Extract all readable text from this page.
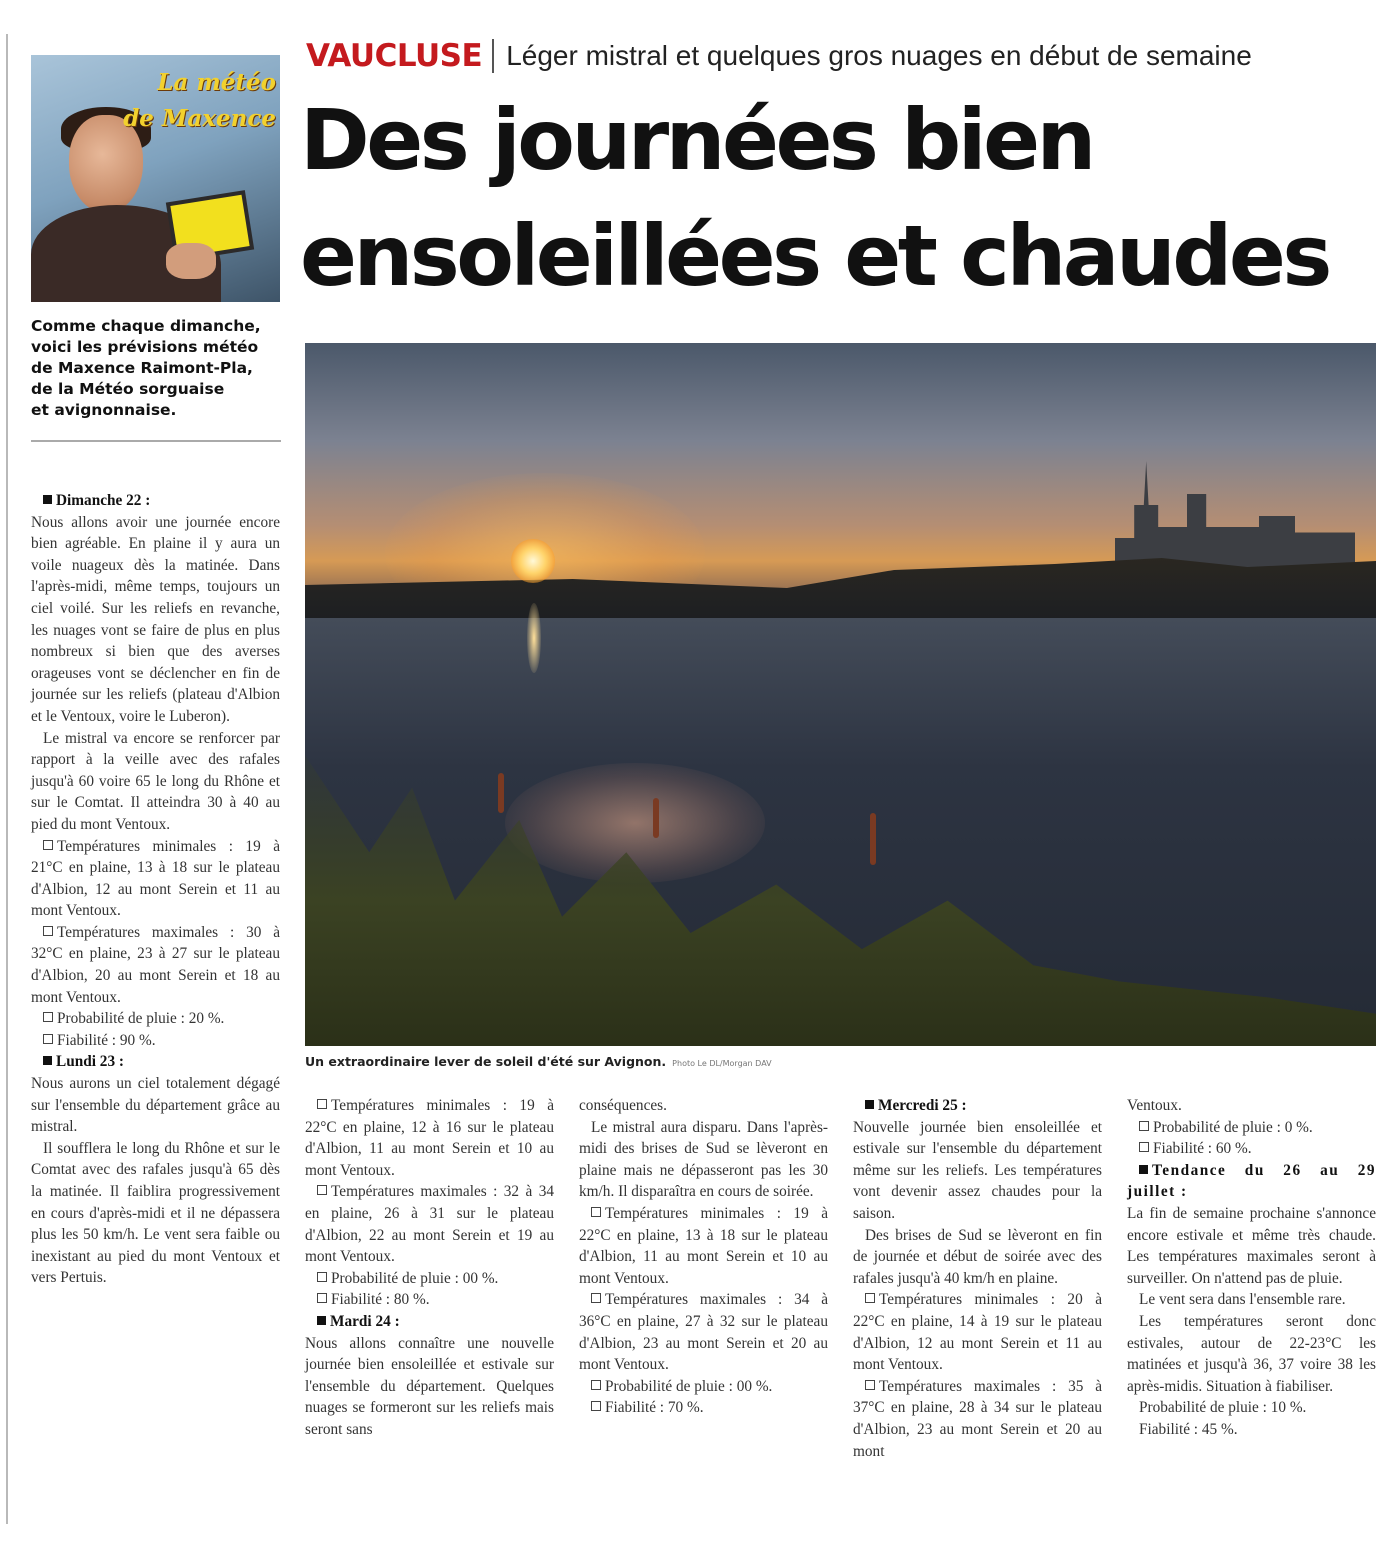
La météo
de Maxence

Comme chaque dimanche,
voici les prévisions météo
de Maxence Raimont-Pla,
de la Météo sorguaise
et avignonnaise.

VAUCLUSE Léger mistral et quelques gros nuages en début de semaine
Des journées bien
ensoleillées et chaudes

Un extraordinaire lever de soleil d'été sur Avignon. Photo Le DL/Morgan DAV

Dimanche 22 :

Nous allons avoir une journée encore bien agréable. En plaine il y aura un voile nuageux dès la matinée. Dans l'après-midi, même temps, toujours un ciel voilé. Sur les reliefs en revanche, les nuages vont se faire de plus en plus nombreux si bien que des averses orageuses vont se déclencher en fin de journée sur les reliefs (plateau d'Albion et le Ventoux, voire le Luberon).

Le mistral va encore se renforcer par rapport à la veille avec des rafales jusqu'à 60 voire 65 le long du Rhône et sur le Comtat. Il atteindra 30 à 40 au pied du mont Ventoux.

Températures minimales : 19 à 21°C en plaine, 13 à 18 sur le plateau d'Albion, 12 au mont Serein et 11 au mont Ventoux.

Températures maximales : 30 à 32°C en plaine, 23 à 27 sur le plateau d'Albion, 20 au mont Serein et 18 au mont Ventoux.

Probabilité de pluie : 20 %.

Fiabilité : 90 %.

Lundi 23 :

Nous aurons un ciel totalement dégagé sur l'ensemble du département grâce au mistral.

Il soufflera le long du Rhône et sur le Comtat avec des rafales jusqu'à 65 dès la matinée. Il faiblira progressivement en cours d'après-midi et il ne dépassera plus les 50 km/h. Le vent sera faible ou inexistant au pied du mont Ventoux et vers Pertuis.

Températures minimales : 19 à 22°C en plaine, 12 à 16 sur le plateau d'Albion, 11 au mont Serein et 10 au mont Ventoux.

Températures maximales : 32 à 34 en plaine, 26 à 31 sur le plateau d'Albion, 22 au mont Serein et 19 au mont Ventoux.

Probabilité de pluie : 00 %.

Fiabilité : 80 %.

Mardi 24 :

Nous allons connaître une nouvelle journée bien ensoleillée et estivale sur l'ensemble du département. Quelques nuages se formeront sur les reliefs mais seront sans

conséquences.

Le mistral aura disparu. Dans l'après-midi des brises de Sud se lèveront en plaine mais ne dépasseront pas les 30 km/h. Il disparaîtra en cours de soirée.

Températures minimales : 19 à 22°C en plaine, 13 à 18 sur le plateau d'Albion, 11 au mont Serein et 10 au mont Ventoux.

Températures maximales : 34 à 36°C en plaine, 27 à 32 sur le plateau d'Albion, 23 au mont Serein et 20 au mont Ventoux.

Probabilité de pluie : 00 %.

Fiabilité : 70 %.

Mercredi 25 :

Nouvelle journée bien ensoleillée et estivale sur l'ensemble du département même sur les reliefs. Les températures vont devenir assez chaudes pour la saison.

Des brises de Sud se lèveront en fin de journée et début de soirée avec des rafales jusqu'à 40 km/h en plaine.

Températures minimales : 20 à 22°C en plaine, 14 à 19 sur le plateau d'Albion, 12 au mont Serein et 11 au mont Ventoux.

Températures maximales : 35 à 37°C en plaine, 28 à 34 sur le plateau d'Albion, 23 au mont Serein et 20 au mont

Ventoux.

Probabilité de pluie : 0 %.

Fiabilité : 60 %.

Tendance du 26 au 29 juillet :

La fin de semaine prochaine s'annonce encore estivale et même très chaude. Les températures maximales seront à surveiller. On n'attend pas de pluie.

Le vent sera dans l'ensemble rare.

Les températures seront donc estivales, autour de 22-23°C les matinées et jusqu'à 36, 37 voire 38 les après-midis. Situation à fiabiliser.

Probabilité de pluie : 10 %.

Fiabilité : 45 %.
